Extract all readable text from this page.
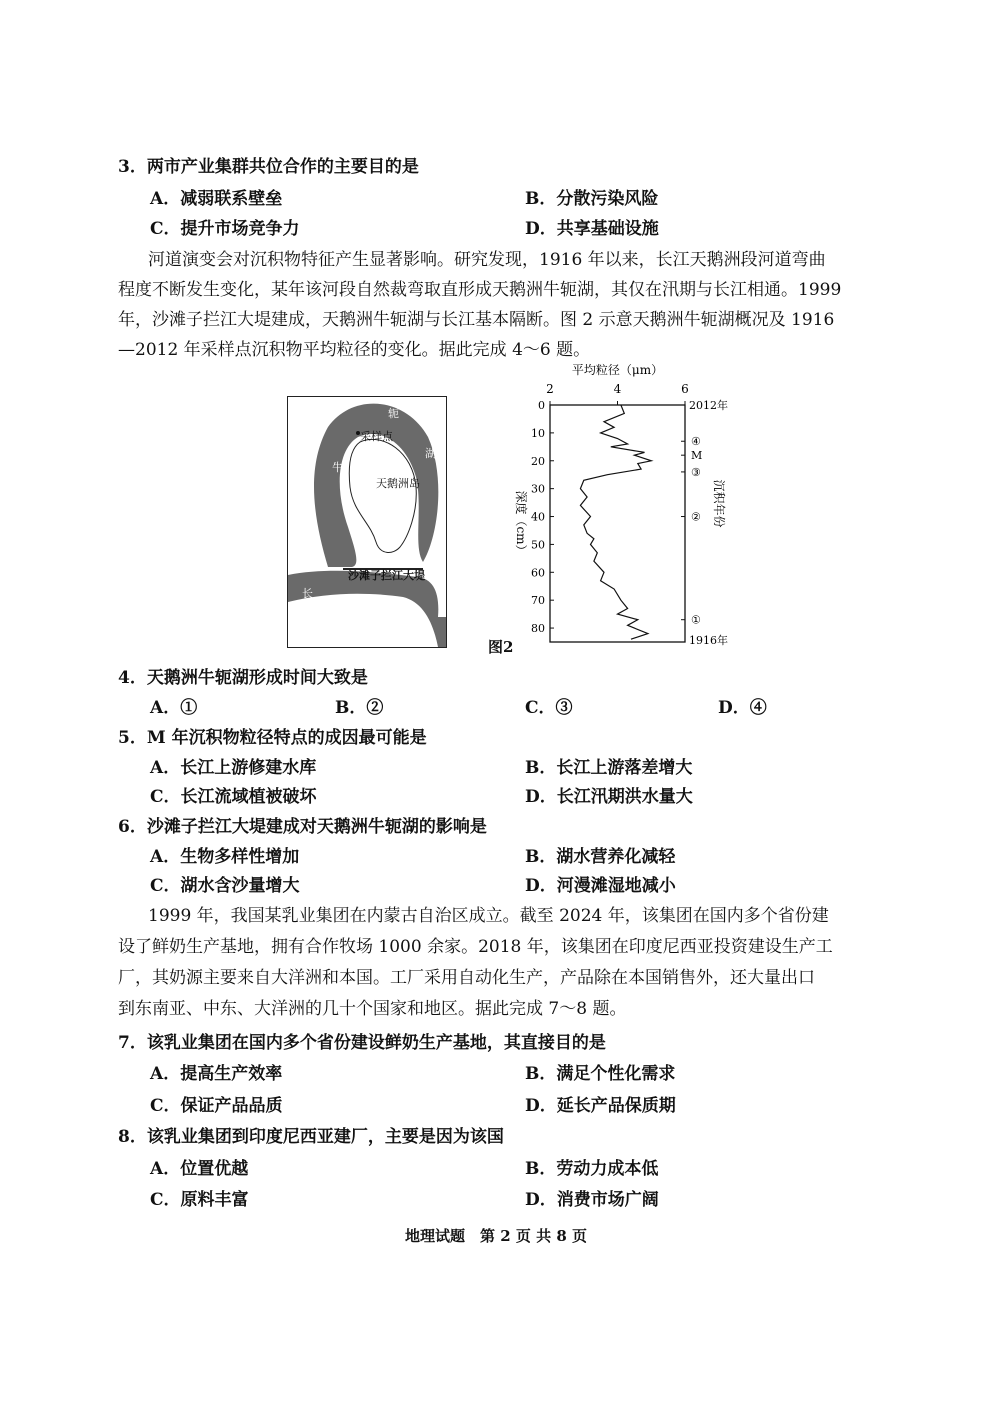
3．两市产业集群共位合作的主要目的是
A．减弱联系壁垒	B．分散污染风险
C．提升市场竞争力	D．共享基础设施
河道演变会对沉积物特征产生显著影响。研究发现，1916 年以来，长江天鹅洲段河道弯曲
程度不断发生变化，某年该河段自然裁弯取直形成天鹅洲牛轭湖，其仅在汛期与长江相通。1999
年，沙滩子拦江大堤建成，天鹅洲牛轭湖与长江基本隔断。图 2 示意天鹅洲牛轭湖概况及 1916
—2012 年采样点沉积物平均粒径的变化。据此完成 4～6 题。
采样点
天鹅洲岛
沙滩子拦江大堤
牛
轭
湖
长
江
平均粒径（μm）
2	4	6
0
10
20
30
40
50
60
70
80
深度（cm）
2012年
1916年
沉积年份
④
M
③
②
①
图2
4．天鹅洲牛轭湖形成时间大致是
A．①	B．②	C．③	D．④
5．M 年沉积物粒径特点的成因最可能是
A．长江上游修建水库	B．长江上游落差增大
C．长江流域植被破坏	D．长江汛期洪水量大
6．沙滩子拦江大堤建成对天鹅洲牛轭湖的影响是
A．生物多样性增加	B．湖水营养化减轻
C．湖水含沙量增大	D．河漫滩湿地减小
1999 年，我国某乳业集团在内蒙古自治区成立。截至 2024 年，该集团在国内多个省份建
设了鲜奶生产基地，拥有合作牧场 1000 余家。2018 年，该集团在印度尼西亚投资建设生产工
厂，其奶源主要来自大洋洲和本国。工厂采用自动化生产，产品除在本国销售外，还大量出口
到东南亚、中东、大洋洲的几十个国家和地区。据此完成 7～8 题。
7．该乳业集团在国内多个省份建设鲜奶生产基地，其直接目的是
A．提高生产效率	B．满足个性化需求
C．保证产品品质	D．延长产品保质期
8．该乳业集团到印度尼西亚建厂，主要是因为该国
A．位置优越	B．劳动力成本低
C．原料丰富	D．消费市场广阔
地理试题　第 2 页 共 8 页
